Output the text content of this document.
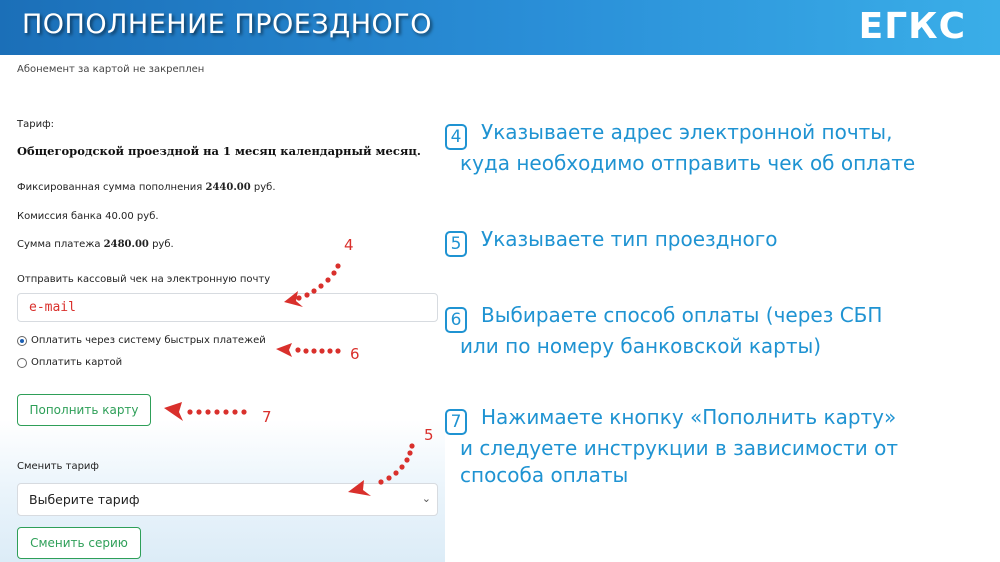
ПОПОЛНЕНИЕ ПРОЕЗДНОГО	ЕГКС
Абонемент за картой не закреплен
Тариф:
Общегородской проездной на 1 месяц календарный месяц.
Фиксированная сумма пополнения 2440.00 руб.
Комиссия банка 40.00 руб.
Сумма платежа 2480.00 руб.
Отправить кассовый чек на электронную почту
e-mail
Оплатить через систему быстрых платежей
Оплатить картой
Пополнить карту
Сменить тариф
Выберите тариф	⌄
Сменить серию
4
6
7
5
4 Указываете адрес электронной почты,
куда необходимо отправить чек об оплате
5 Указываете тип проездного
6 Выбираете способ оплаты (через СБП
или по номеру банковской карты)
7 Нажимаете кнопку «Пополнить карту»
и следуете инструкции в зависимости от
способа оплаты
